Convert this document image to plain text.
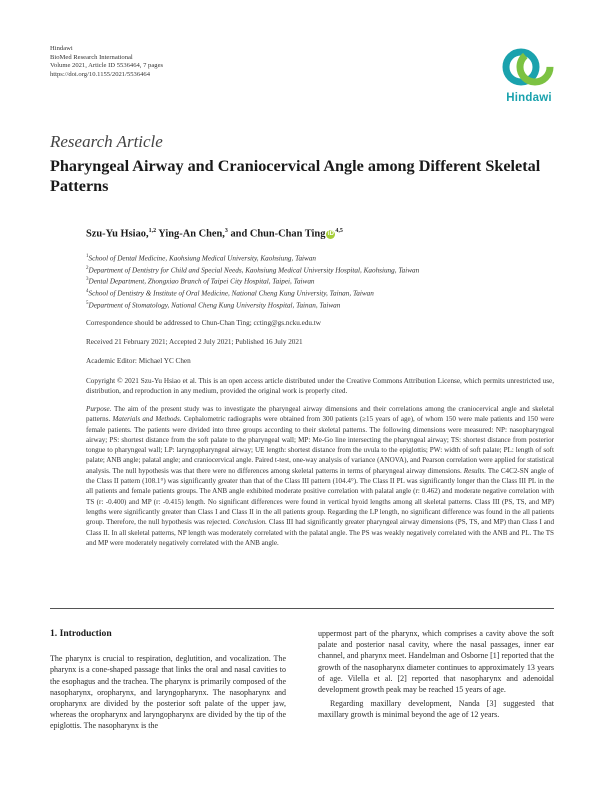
Hindawi
BioMed Research International
Volume 2021, Article ID 5536464, 7 pages
https://doi.org/10.1155/2021/5536464
Hindawi
Research Article
Pharyngeal Airway and Craniocervical Angle among Different Skeletal Patterns
Szu-Yu Hsiao,$^{1,2}$ Ying-An Chen,$^3$ and Chun-Chan Ting iD$^{4,5}$
$^1$School of Dental Medicine, Kaohsiung Medical University, Kaohsiung, Taiwan
$^2$Department of Dentistry for Child and Special Needs, Kaohsiung Medical University Hospital, Kaohsiung, Taiwan
$^3$Dental Department, Zhongxiao Branch of Taipei City Hospital, Taipei, Taiwan
$^4$School of Dentistry & Institute of Oral Medicine, National Cheng Kung University, Tainan, Taiwan
$^5$Department of Stomatology, National Cheng Kung University Hospital, Tainan, Taiwan
Correspondence should be addressed to Chun-Chan Ting; ccting@gs.ncku.edu.tw
Received 21 February 2021; Accepted 2 July 2021; Published 16 July 2021
Academic Editor: Michael YC Chen
Copyright © 2021 Szu-Yu Hsiao et al. This is an open access article distributed under the Creative Commons Attribution License, which permits unrestricted use, distribution, and reproduction in any medium, provided the original work is properly cited.
Purpose. The aim of the present study was to investigate the pharyngeal airway dimensions and their correlations among the craniocervical angle and skeletal patterns. Materials and Methods. Cephalometric radiographs were obtained from 300 patients (≥15 years of age), of whom 150 were male patients and 150 were female patients. The patients were divided into three groups according to their skeletal patterns. The following dimensions were measured: NP: nasopharyngeal airway; PS: shortest distance from the soft palate to the pharyngeal wall; MP: Me-Go line intersecting the pharyngeal airway; TS: shortest distance from posterior tongue to pharyngeal wall; LP: laryngopharyngeal airway; UE length: shortest distance from the uvula to the epiglottis; PW: width of soft palate; PL: length of soft palate; ANB angle; palatal angle; and craniocervical angle. Paired t-test, one-way analysis of variance (ANOVA), and Pearson correlation were applied for statistical analysis. The null hypothesis was that there were no differences among skeletal patterns in terms of pharyngeal airway dimensions. Results. The C4C2-SN angle of the Class II pattern (108.1°) was significantly greater than that of the Class III pattern (104.4°). The Class II PL was significantly longer than the Class III PL in the all patients and female patients groups. The ANB angle exhibited moderate positive correlation with palatal angle (r: 0.462) and moderate negative correlation with TS (r: -0.400) and MP (r: -0.415) length. No significant differences were found in vertical hyoid lengths among all skeletal patterns. Class III (PS, TS, and MP) lengths were significantly greater than Class I and Class II in the all patients group. Regarding the LP length, no significant difference was found in the all patients group. Therefore, the null hypothesis was rejected. Conclusion. Class III had significantly greater pharyngeal airway dimensions (PS, TS, and MP) than Class I and Class II. In all skeletal patterns, NP length was moderately correlated with the palatal angle. The PS was weakly negatively correlated with the ANB and PL. The TS and MP were moderately negatively correlated with the ANB angle.
1. Introduction

The pharynx is crucial to respiration, deglutition, and vocalization. The pharynx is a cone-shaped passage that links the oral and nasal cavities to the esophagus and the trachea. The pharynx is primarily composed of the nasopharynx, oropharynx, and laryngopharynx. The nasopharynx and oropharynx are divided by the posterior soft palate of the upper jaw, whereas the oropharynx and laryngopharynx are divided by the tip of the epiglottis. The nasopharynx is the

uppermost part of the pharynx, which comprises a cavity above the soft palate and posterior nasal cavity, where the nasal passages, inner ear channel, and pharynx meet. Handelman and Osborne [1] reported that the growth of the nasopharynx diameter continues to approximately 13 years of age. Vilella et al. [2] reported that nasopharynx and adenoidal development growth peak may be reached 15 years of age.

Regarding maxillary development, Nanda [3] suggested that maxillary growth is minimal beyond the age of 12 years.
